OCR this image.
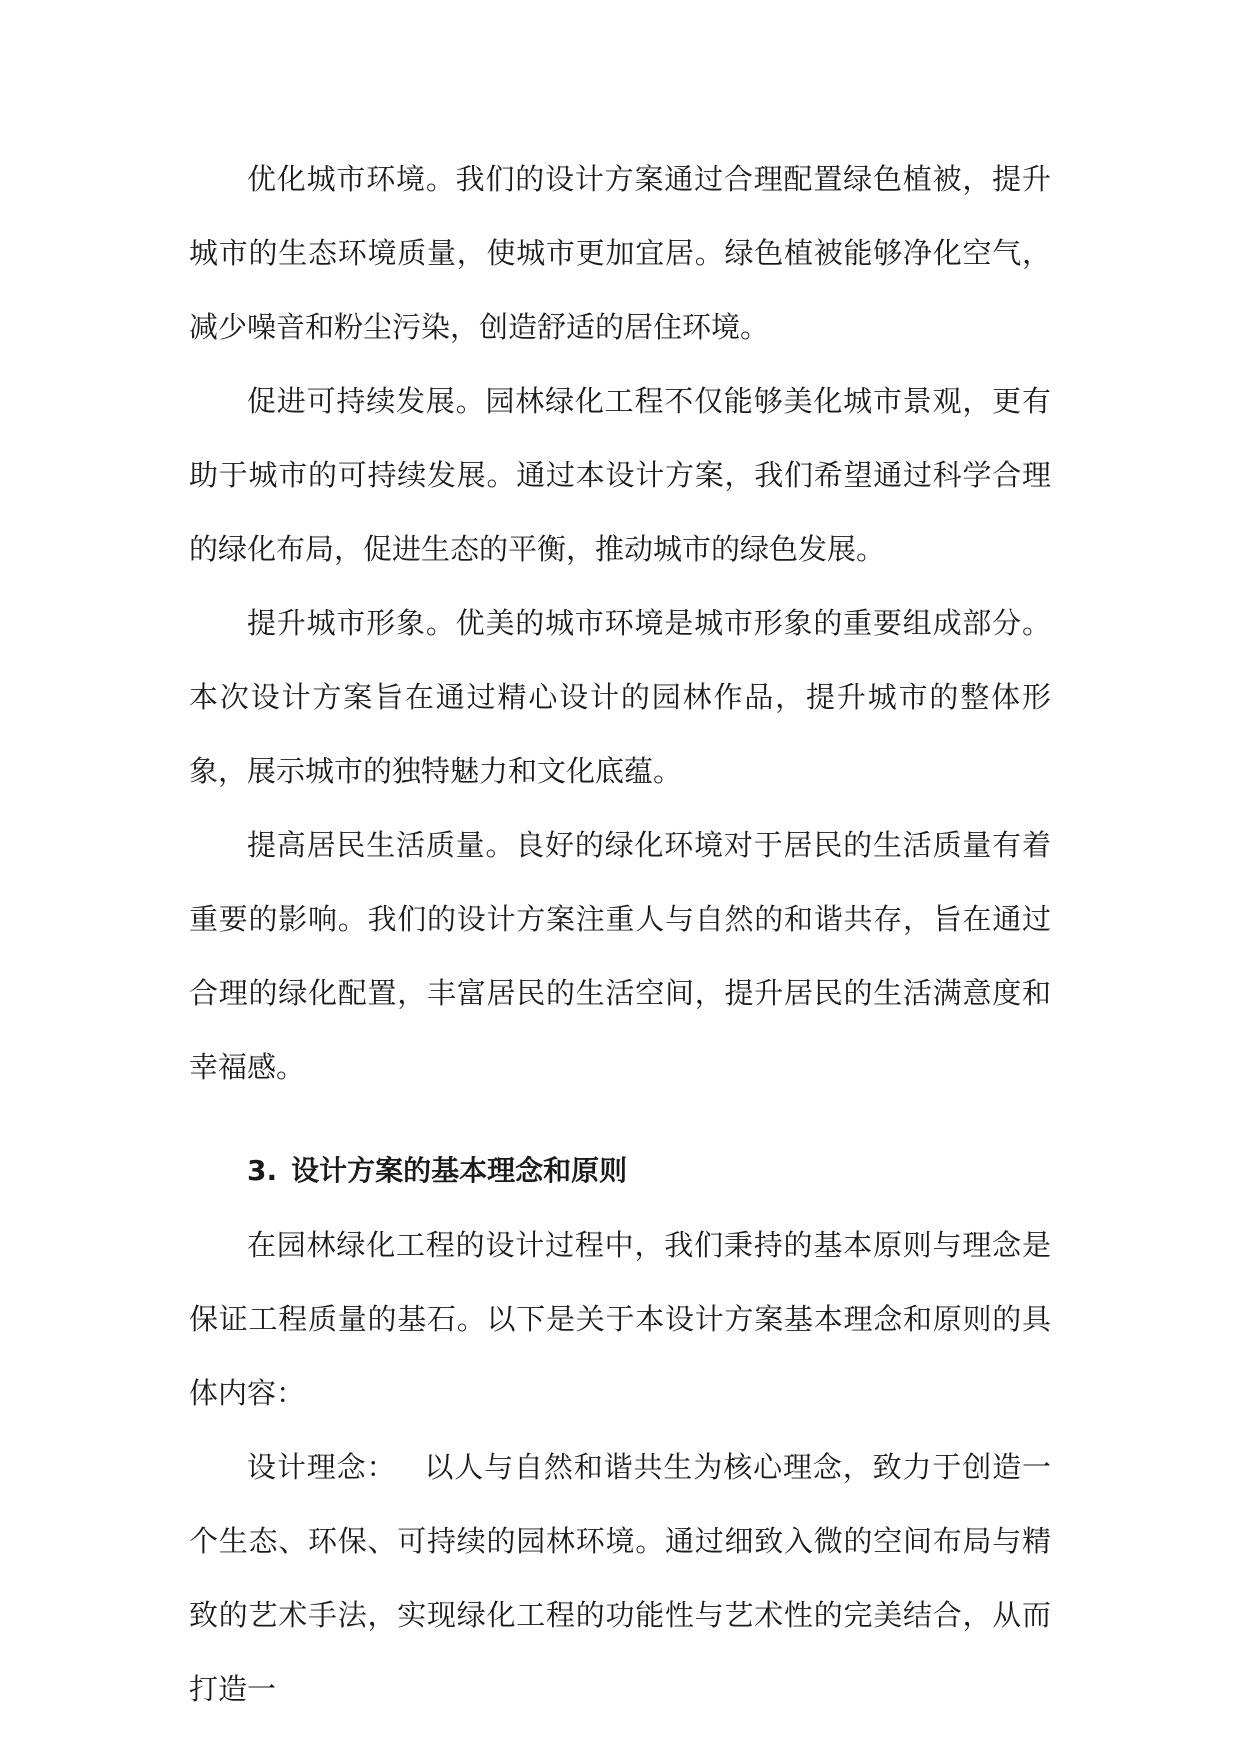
优化城市环境。我们的设计方案通过合理配置绿色植被，提升城市的生态环境质量，使城市更加宜居。绿色植被能够净化空气，减少噪音和粉尘污染，创造舒适的居住环境。

促进可持续发展。园林绿化工程不仅能够美化城市景观，更有助于城市的可持续发展。通过本设计方案，我们希望通过科学合理的绿化布局，促进生态的平衡，推动城市的绿色发展。

提升城市形象。优美的城市环境是城市形象的重要组成部分。本次设计方案旨在通过精心设计的园林作品，提升城市的整体形象，展示城市的独特魅力和文化底蕴。

提高居民生活质量。良好的绿化环境对于居民的生活质量有着重要的影响。我们的设计方案注重人与自然的和谐共存，旨在通过合理的绿化配置，丰富居民的生活空间，提升居民的生活满意度和幸福感。

3. 设计方案的基本理念和原则

在园林绿化工程的设计过程中，我们秉持的基本原则与理念是保证工程质量的基石。以下是关于本设计方案基本理念和原则的具体内容：

设计理念： 以人与自然和谐共生为核心理念，致力于创造一个生态、环保、可持续的园林环境。通过细致入微的空间布局与精致的艺术手法，实现绿化工程的功能性与艺术性的完美结合，从而打造一
